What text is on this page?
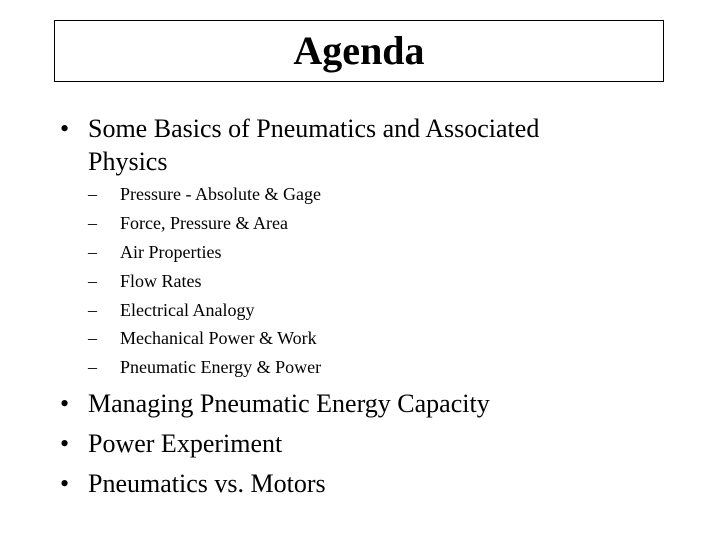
Agenda
• Some Basics of Pneumatics and Associated Physics
– Pressure - Absolute & Gage
– Force, Pressure & Area
– Air Properties
– Flow Rates
– Electrical Analogy
– Mechanical Power & Work
– Pneumatic Energy & Power
• Managing Pneumatic Energy Capacity
• Power Experiment
• Pneumatics vs. Motors
